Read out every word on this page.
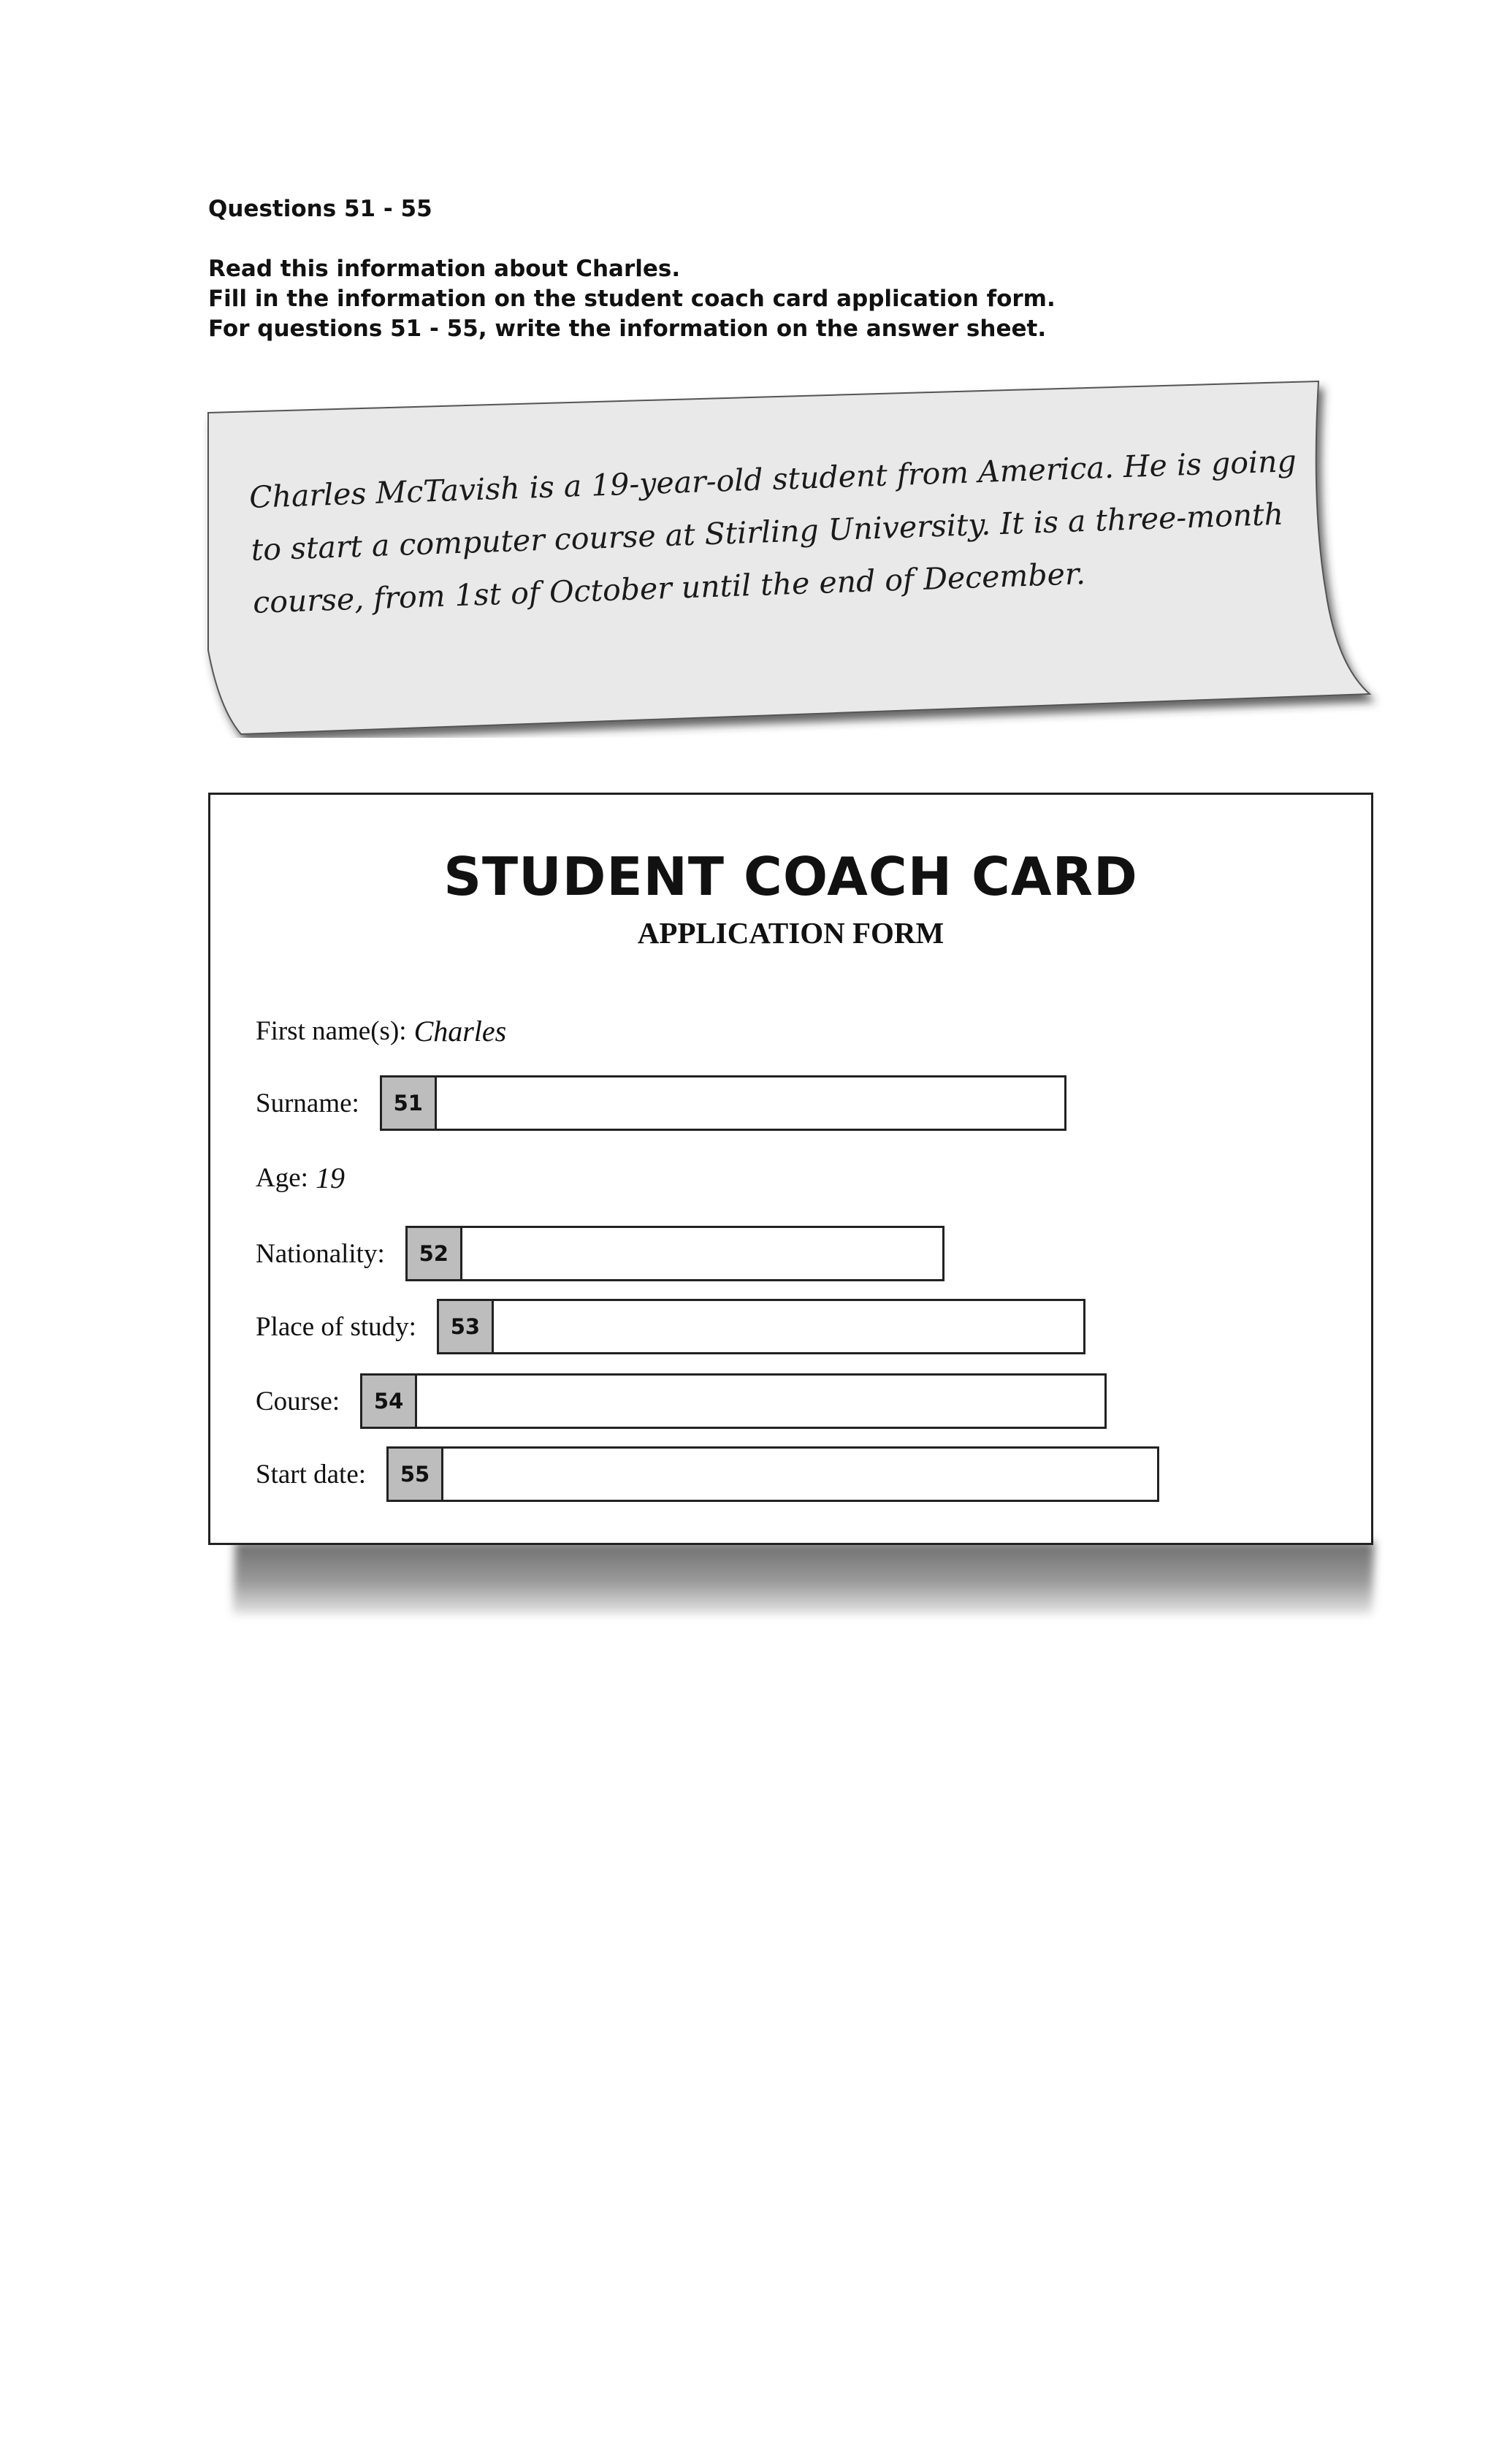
Questions 51 - 55
Read this information about Charles.
Fill in the information on the student coach card application form.
For questions 51 - 55, write the information on the answer sheet.
Charles McTavish is a 19-year-old student from America. He is going
to start a computer course at Stirling University. It is a three-month
course, from 1st of October until the end of December.
STUDENT COACH CARD
APPLICATION FORM
First name(s): Charles
Surname:	51
Age: 19
Nationality:	52
Place of study:	53
Course:	54
Start date:	55
